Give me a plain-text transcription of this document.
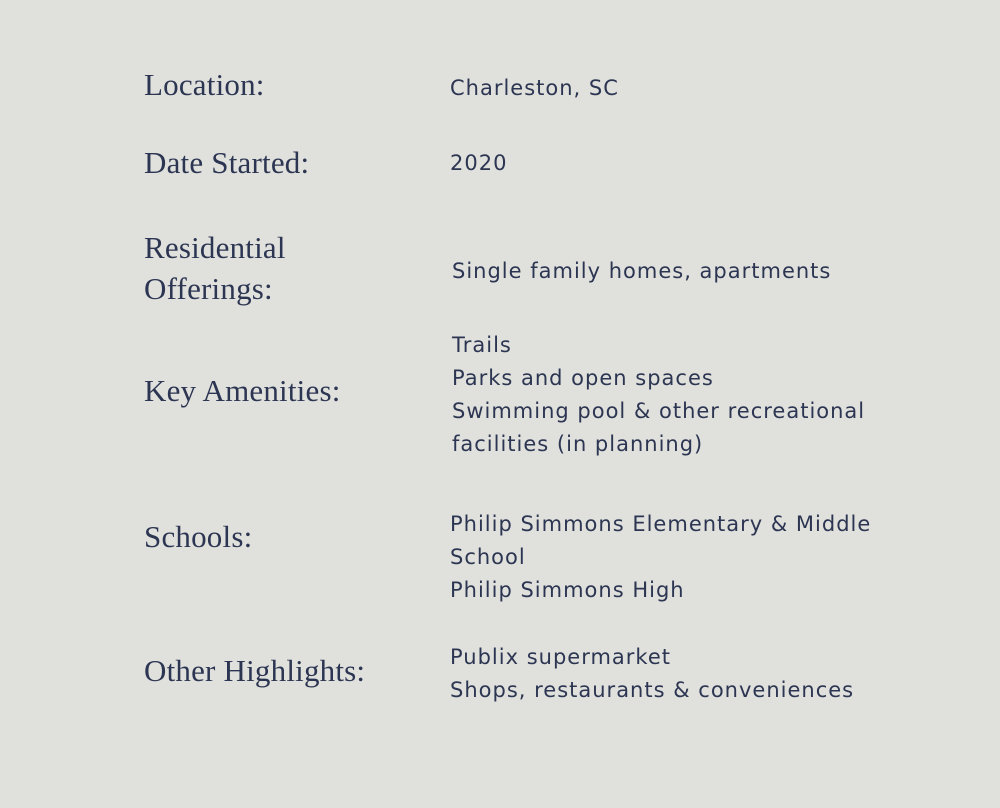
Location:	Charleston, SC
Date Started:	2020
Residential
Offerings:	Single family homes, apartments
Key Amenities:
Trails
Parks and open spaces
Swimming pool & other recreational
facilities (in planning)
Schools:	Philip Simmons Elementary & Middle
School
Philip Simmons High
Other Highlights:	Publix supermarket
Shops, restaurants & conveniences
